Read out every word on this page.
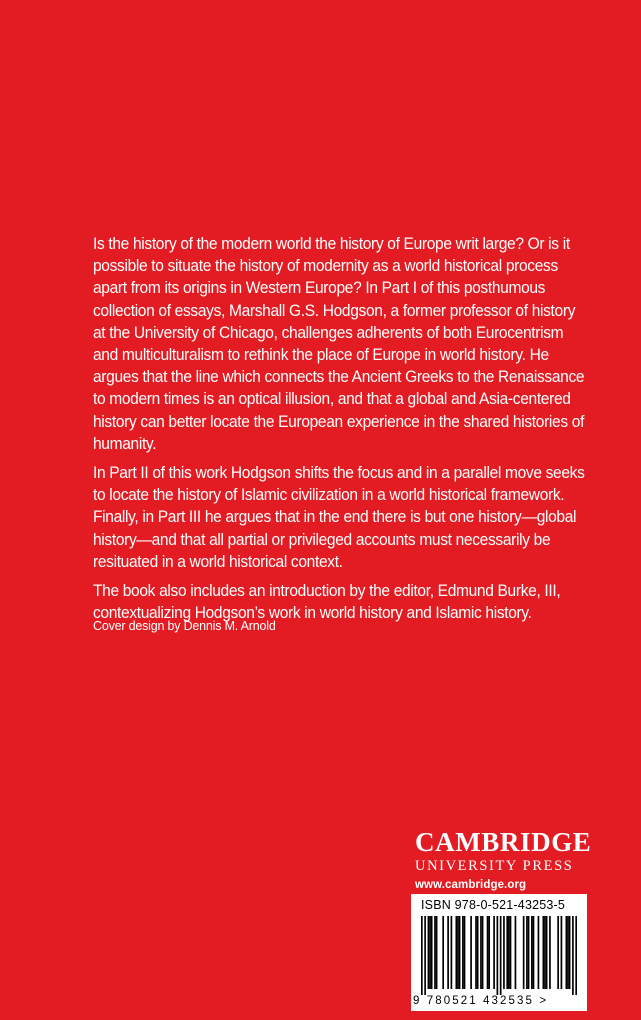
Is the history of the modern world the history of Europe writ large? Or is it possible to situate the history of modernity as a world historical process apart from its origins in Western Europe? In Part I of this posthumous collection of essays, Marshall G.S. Hodgson, a former professor of history at the University of Chicago, challenges adherents of both Eurocentrism and multiculturalism to rethink the place of Europe in world history. He argues that the line which connects the Ancient Greeks to the Renaissance to modern times is an optical illusion, and that a global and Asia-centered history can better locate the European experience in the shared histories of humanity.

In Part II of this work Hodgson shifts the focus and in a parallel move seeks to locate the history of Islamic civilization in a world historical framework. Finally, in Part III he argues that in the end there is but one history—global history—and that all partial or privileged accounts must necessarily be resituated in a world historical context.

The book also includes an introduction by the editor, Edmund Burke, III, contextualizing Hodgson’s work in world history and Islamic history.

Cover design by Dennis M. Arnold
CAMBRIDGE
UNIVERSITY PRESS
www.cambridge.org
ISBN 978-0-521-43253-5
9 780521 432535 >
